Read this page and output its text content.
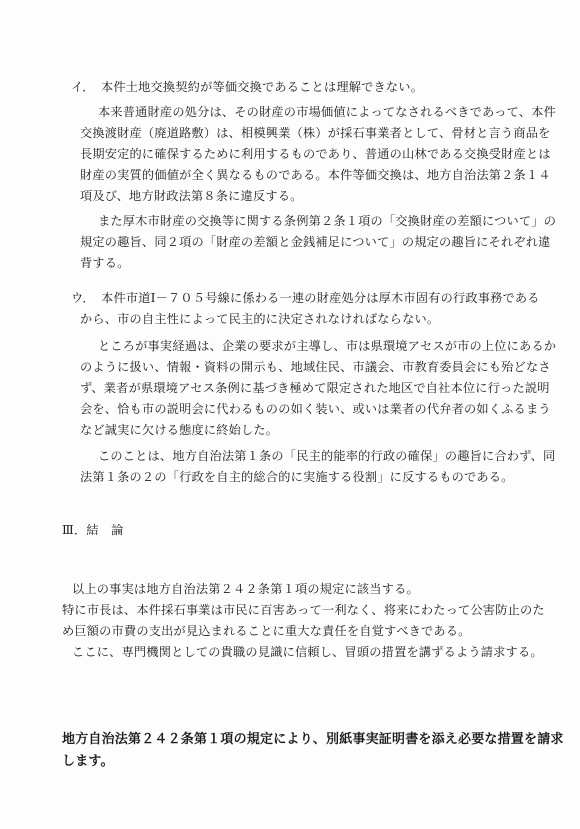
イ．　本件土地交換契約が等価交換であることは理解できない。
本来普通財産の処分は、その財産の市場価値によってなされるべきであって、本件
交換渡財産（廃道路敷）は、相模興業（株）が採石事業者として、骨材と言う商品を
長期安定的に確保するために利用するものであり、普通の山林である交換受財産とは
財産の実質的価値が全く異なるものである。本件等価交換は、地方自治法第２条１４
項及び、地方財政法第８条に違反する。
また厚木市財産の交換等に関する条例第２条１項の「交換財産の差額について」の
規定の趣旨、同２項の「財産の差額と金銭補足について」の規定の趣旨にそれぞれ違
背する。
ウ．　本件市道Ⅰ－７０５号線に係わる一連の財産処分は厚木市固有の行政事務である
から、市の自主性によって民主的に決定されなければならない。
ところが事実経過は、企業の要求が主導し、市は県環境アセスが市の上位にあるか
のように扱い、情報・資料の開示も、地域住民、市議会、市教育委員会にも殆どなさ
ず、業者が県環境アセス条例に基づき極めて限定された地区で自社本位に行った説明
会を、恰も市の説明会に代わるものの如く装い、或いは業者の代弁者の如くふるまう
など誠実に欠ける態度に終始した。
このことは、地方自治法第１条の「民主的能率的行政の確保」の趣旨に合わず、同
法第１条の２の「行政を自主的総合的に実施する役割」に反するものである。
Ⅲ．結　論
以上の事実は地方自治法第２４２条第１項の規定に該当する。
特に市長は、本件採石事業は市民に百害あって一利なく、将来にわたって公害防止のた
め巨額の市費の支出が見込まれることに重大な責任を自覚すべきである。
ここに、専門機関としての貴職の見識に信頼し、冒頭の措置を講ずるよう請求する。
地方自治法第２４２条第１項の規定により、別紙事実証明書を添え必要な措置を請求
します。
